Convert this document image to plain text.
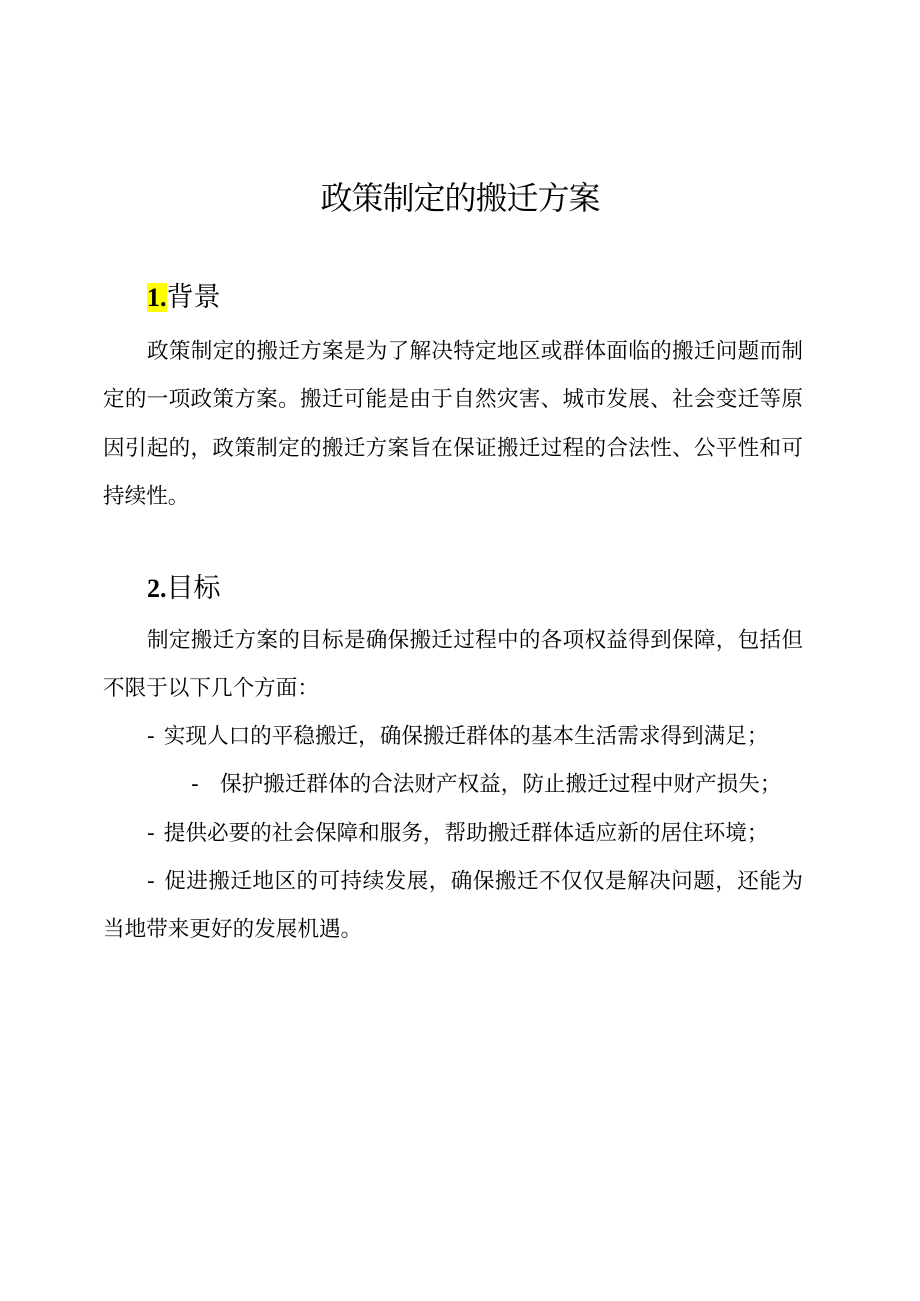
政策制定的搬迁方案
1.背景

政策制定的搬迁方案是为了解决特定地区或群体面临的搬迁问题而制定的一项政策方案。搬迁可能是由于自然灾害、城市发展、社会变迁等原因引起的，政策制定的搬迁方案旨在保证搬迁过程的合法性、公平性和可持续性。

2.目标

制定搬迁方案的目标是确保搬迁过程中的各项权益得到保障，包括但不限于以下几个方面：

- 实现人口的平稳搬迁，确保搬迁群体的基本生活需求得到满足；
- 保护搬迁群体的合法财产权益，防止搬迁过程中财产损失；
- 提供必要的社会保障和服务，帮助搬迁群体适应新的居住环境；
- 促进搬迁地区的可持续发展，确保搬迁不仅仅是解决问题，还能为当地带来更好的发展机遇。
